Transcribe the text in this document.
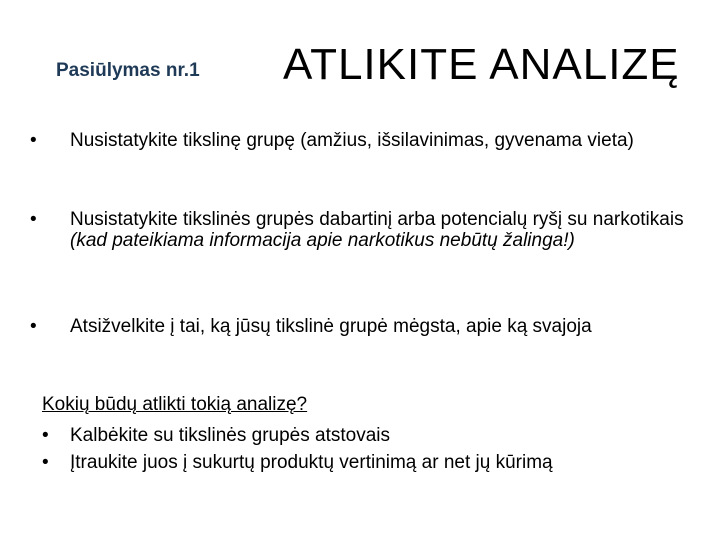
Pasiūlymas nr.1 ATLIKITE ANALIZĘ
• Nusistatykite tikslinę grupę (amžius, išsilavinimas, gyvenama vieta)
• Nusistatykite tikslinės grupės dabartinį arba potencialų ryšį su narkotikais (kad pateikiama informacija apie narkotikus nebūtų žalinga!)
• Atsižvelkite į tai, ką jūsų tikslinė grupė mėgsta, apie ką svajoja
Kokių būdų atlikti tokią analizę?
• Kalbėkite su tikslinės grupės atstovais
• Įtraukite juos į sukurtų produktų vertinimą ar net jų kūrimą
